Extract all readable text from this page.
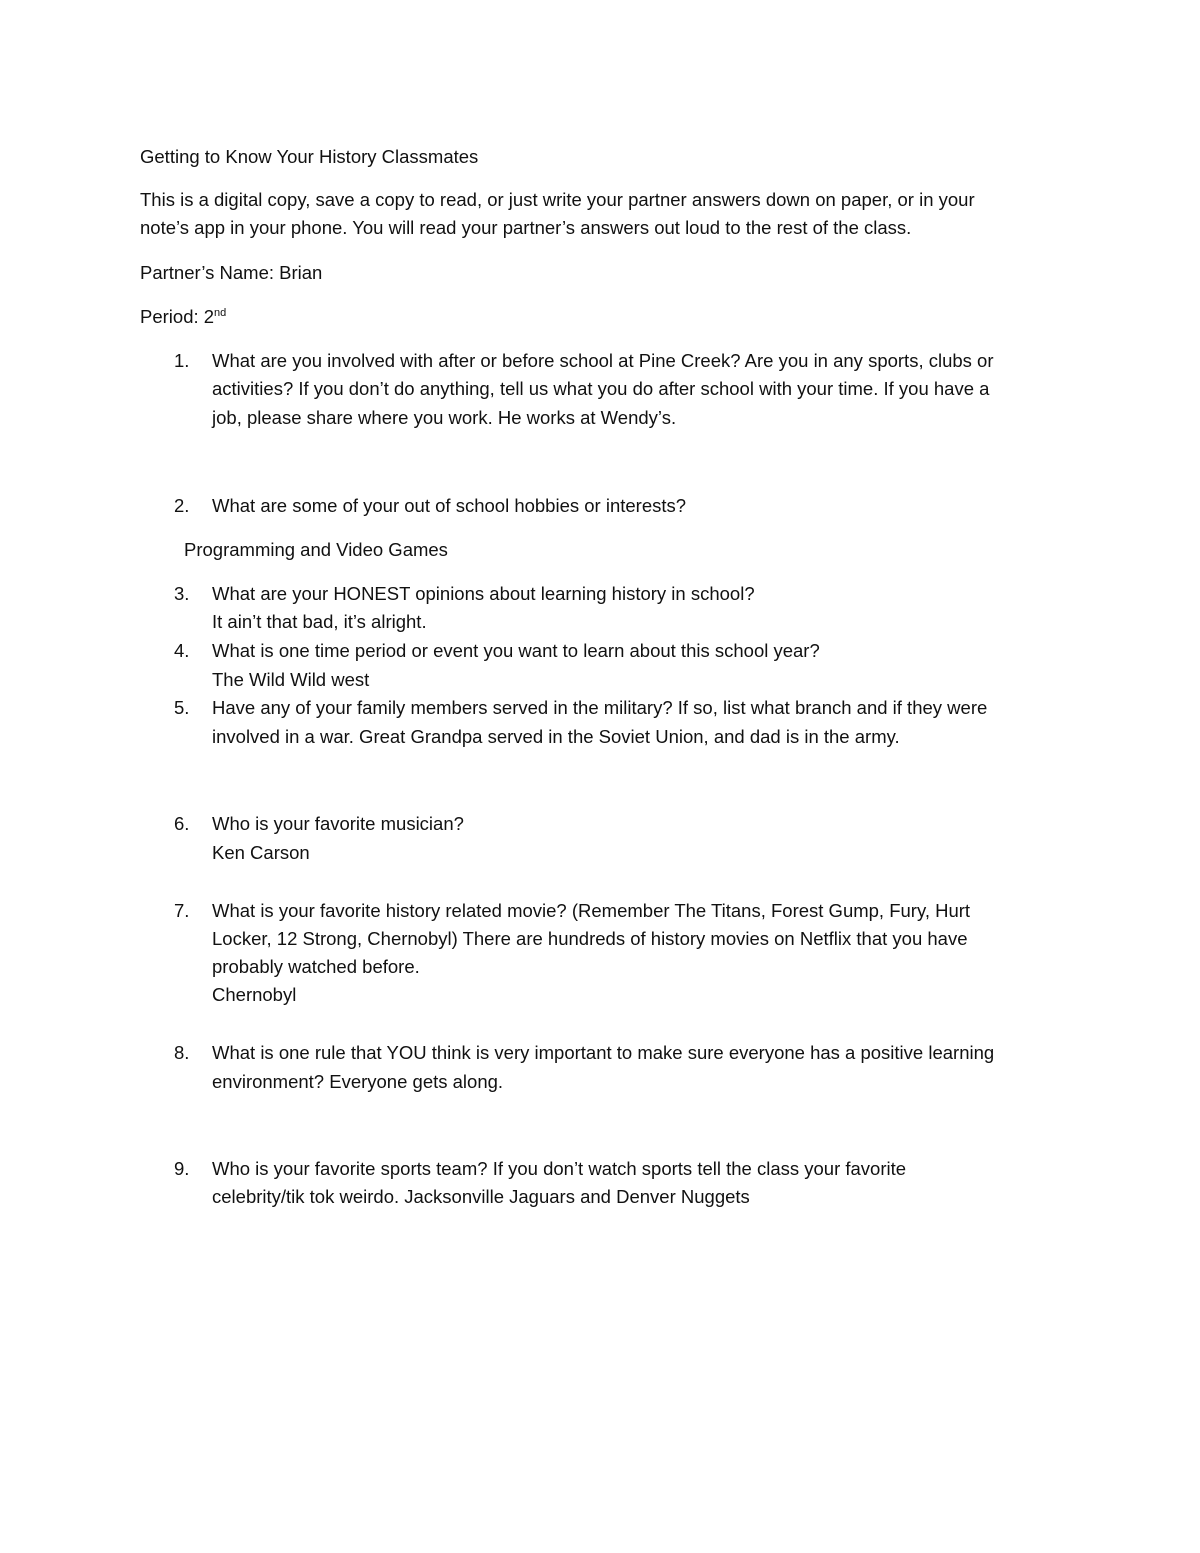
Getting to Know Your History Classmates
This is a digital copy, save a copy to read, or just write your partner answers down on paper, or in your
note’s app in your phone. You will read your partner’s answers out loud to the rest of the class.
Partner’s Name: Brian
Period: 2nd
1. What are you involved with after or before school at Pine Creek? Are you in any sports, clubs or
activities? If you don’t do anything, tell us what you do after school with your time. If you have a
job, please share where you work. He works at Wendy’s.
2. What are some of your out of school hobbies or interests?
Programming and Video Games
3. What are your HONEST opinions about learning history in school?
It ain’t that bad, it’s alright.
4. What is one time period or event you want to learn about this school year?
The Wild Wild west
5. Have any of your family members served in the military? If so, list what branch and if they were
involved in a war. Great Grandpa served in the Soviet Union, and dad is in the army.
6. Who is your favorite musician?
Ken Carson
7. What is your favorite history related movie? (Remember The Titans, Forest Gump, Fury, Hurt
Locker, 12 Strong, Chernobyl) There are hundreds of history movies on Netflix that you have
probably watched before.
Chernobyl
8. What is one rule that YOU think is very important to make sure everyone has a positive learning
environment? Everyone gets along.
9. Who is your favorite sports team? If you don’t watch sports tell the class your favorite
celebrity/tik tok weirdo. Jacksonville Jaguars and Denver Nuggets
